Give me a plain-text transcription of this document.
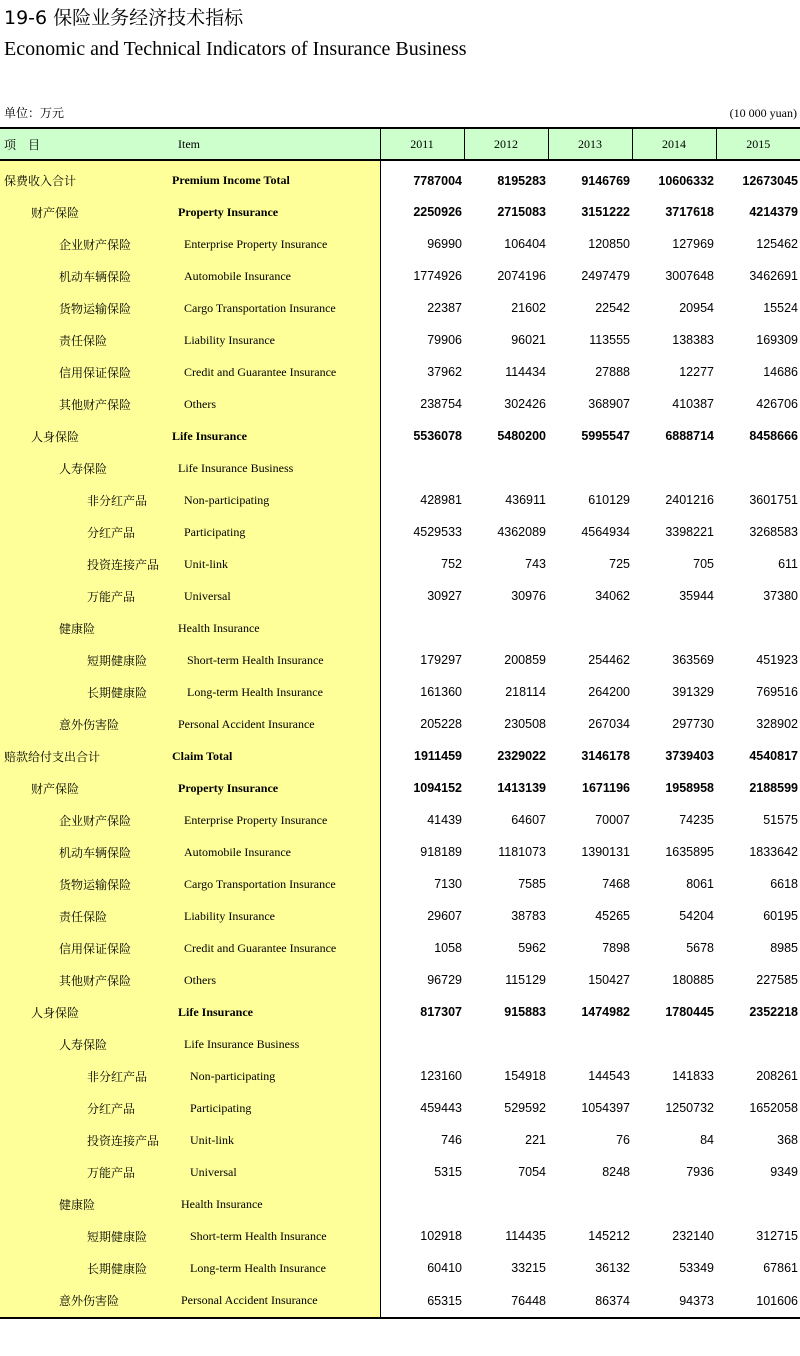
19-6 保险业务经济技术指标
Economic and Technical Indicators of Insurance Business
单位：万元	(10 000 yuan)
项　目	Item	2011	2012	2013	2014	2015
保费收入合计	Premium Income Total	7787004	8195283	9146769	10606332	12673045
财产保险	Property Insurance	2250926	2715083	3151222	3717618	4214379
企业财产保险	Enterprise Property Insurance	96990	106404	120850	127969	125462
机动车辆保险	Automobile Insurance	1774926	2074196	2497479	3007648	3462691
货物运输保险	Cargo Transportation Insurance	22387	21602	22542	20954	15524
责任保险	Liability Insurance	79906	96021	113555	138383	169309
信用保证保险	Credit and Guarantee Insurance	37962	114434	27888	12277	14686
其他财产保险	Others	238754	302426	368907	410387	426706
人身保险	Life Insurance	5536078	5480200	5995547	6888714	8458666
人寿保险	Life Insurance Business					
非分红产品	Non-participating	428981	436911	610129	2401216	3601751
分红产品	Participating	4529533	4362089	4564934	3398221	3268583
投资连接产品	Unit-link	752	743	725	705	611
万能产品	Universal	30927	30976	34062	35944	37380
健康险	Health Insurance					
短期健康险	Short-term Health Insurance	179297	200859	254462	363569	451923
长期健康险	Long-term Health Insurance	161360	218114	264200	391329	769516
意外伤害险	Personal Accident Insurance	205228	230508	267034	297730	328902
赔款给付支出合计	Claim Total	1911459	2329022	3146178	3739403	4540817
财产保险	Property Insurance	1094152	1413139	1671196	1958958	2188599
企业财产保险	Enterprise Property Insurance	41439	64607	70007	74235	51575
机动车辆保险	Automobile Insurance	918189	1181073	1390131	1635895	1833642
货物运输保险	Cargo Transportation Insurance	7130	7585	7468	8061	6618
责任保险	Liability Insurance	29607	38783	45265	54204	60195
信用保证保险	Credit and Guarantee Insurance	1058	5962	7898	5678	8985
其他财产保险	Others	96729	115129	150427	180885	227585
人身保险	Life Insurance	817307	915883	1474982	1780445	2352218
人寿保险	Life Insurance Business					
非分红产品	Non-participating	123160	154918	144543	141833	208261
分红产品	Participating	459443	529592	1054397	1250732	1652058
投资连接产品	Unit-link	746	221	76	84	368
万能产品	Universal	5315	7054	8248	7936	9349
健康险	Health Insurance					
短期健康险	Short-term Health Insurance	102918	114435	145212	232140	312715
长期健康险	Long-term Health Insurance	60410	33215	36132	53349	67861
意外伤害险	Personal Accident Insurance	65315	76448	86374	94373	101606
